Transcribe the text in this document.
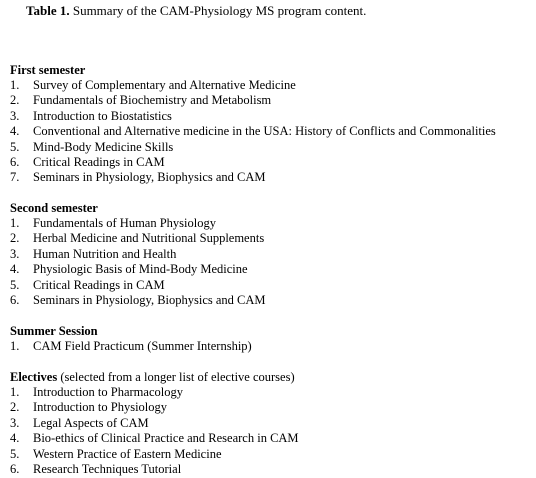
Table 1. Summary of the CAM-Physiology MS program content.
First semester
1.	Survey of Complementary and Alternative Medicine
2.	Fundamentals of Biochemistry and Metabolism
3.	Introduction to Biostatistics
4.	Conventional and Alternative medicine in the USA: History of Conflicts and Commonalities
5.	Mind-Body Medicine Skills
6.	Critical Readings in CAM
7.	Seminars in Physiology, Biophysics and CAM
Second semester
1.	Fundamentals of Human Physiology
2.	Herbal Medicine and Nutritional Supplements
3.	Human Nutrition and Health
4.	Physiologic Basis of Mind-Body Medicine
5.	Critical Readings in CAM
6.	Seminars in Physiology, Biophysics and CAM
Summer Session
1.	CAM Field Practicum (Summer Internship)
Electives (selected from a longer list of elective courses)
1.	Introduction to Pharmacology
2.	Introduction to Physiology
3.	Legal Aspects of CAM
4.	Bio-ethics of Clinical Practice and Research in CAM
5.	Western Practice of Eastern Medicine
6.	Research Techniques Tutorial
